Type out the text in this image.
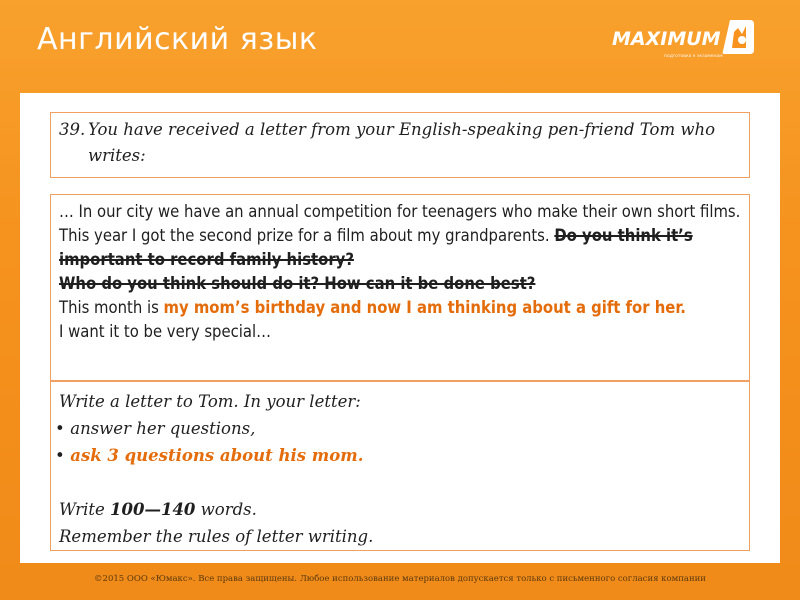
Английский язык	MAXIMUM
подготовка к экзаменам
39. You have received a letter from your English-speaking pen-friend Tom who writes:

… In our city we have an annual competition for teenagers who make their own short films. This year I got the second prize for a film about my grandparents. Do you think it’s important to record family history?

Who do you think should do it? How can it be done best?

This month is my mom’s birthday and now I am thinking about a gift for her.

I want it to be very special…

Write a letter to Tom. In your letter:

• answer her questions,

• ask 3 questions about his mom.

Write 100—140 words.

Remember the rules of letter writing.

©2015 ООО «Юмакс». Все права защищены. Любое использование материалов допускается только с письменного согласия компании
